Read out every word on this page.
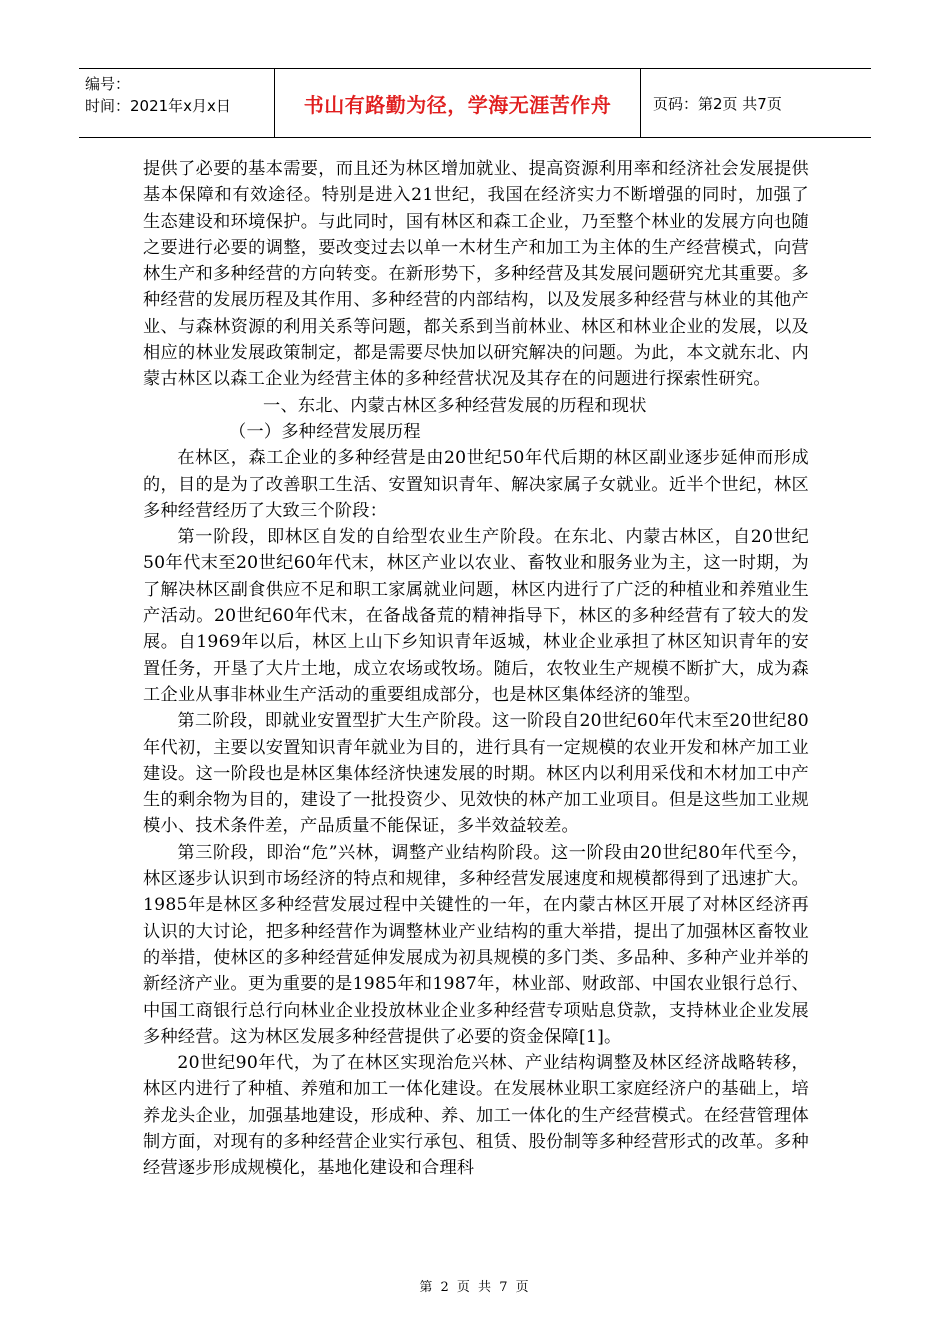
编号：
时间：2021年x月x日	书山有路勤为径，学海无涯苦作舟	页码：第2页 共7页

提供了必要的基本需要，而且还为林区增加就业、提高资源利用率和经济社会发展提供基本保障和有效途径。特别是进入21世纪，我国在经济实力不断增强的同时，加强了生态建设和环境保护。与此同时，国有林区和森工企业，乃至整个林业的发展方向也随之要进行必要的调整，要改变过去以单一木材生产和加工为主体的生产经营模式，向营林生产和多种经营的方向转变。在新形势下，多种经营及其发展问题研究尤其重要。多种经营的发展历程及其作用、多种经营的内部结构，以及发展多种经营与林业的其他产业、与森林资源的利用关系等问题，都关系到当前林业、林区和林业企业的发展，以及相应的林业发展政策制定，都是需要尽快加以研究解决的问题。为此，本文就东北、内蒙古林区以森工企业为经营主体的多种经营状况及其存在的问题进行探索性研究。

一、东北、内蒙古林区多种经营发展的历程和现状
（一）多种经营发展历程

在林区，森工企业的多种经营是由20世纪50年代后期的林区副业逐步延伸而形成的，目的是为了改善职工生活、安置知识青年、解决家属子女就业。近半个世纪，林区多种经营经历了大致三个阶段：

第一阶段，即林区自发的自给型农业生产阶段。在东北、内蒙古林区，自20世纪50年代末至20世纪60年代末，林区产业以农业、畜牧业和服务业为主，这一时期，为了解决林区副食供应不足和职工家属就业问题，林区内进行了广泛的种植业和养殖业生产活动。20世纪60年代末，在备战备荒的精神指导下，林区的多种经营有了较大的发展。自1969年以后，林区上山下乡知识青年返城，林业企业承担了林区知识青年的安置任务，开垦了大片土地，成立农场或牧场。随后，农牧业生产规模不断扩大，成为森工企业从事非林业生产活动的重要组成部分，也是林区集体经济的雏型。

第二阶段，即就业安置型扩大生产阶段。这一阶段自20世纪60年代末至20世纪80年代初，主要以安置知识青年就业为目的，进行具有一定规模的农业开发和林产加工业建设。这一阶段也是林区集体经济快速发展的时期。林区内以利用采伐和木材加工中产生的剩余物为目的，建设了一批投资少、见效快的林产加工业项目。但是这些加工业规模小、技术条件差，产品质量不能保证，多半效益较差。

第三阶段，即治“危”兴林，调整产业结构阶段。这一阶段由20世纪80年代至今，林区逐步认识到市场经济的特点和规律，多种经营发展速度和规模都得到了迅速扩大。1985年是林区多种经营发展过程中关键性的一年，在内蒙古林区开展了对林区经济再认识的大讨论，把多种经营作为调整林业产业结构的重大举措，提出了加强林区畜牧业的举措，使林区的多种经营延伸发展成为初具规模的多门类、多品种、多种产业并举的新经济产业。更为重要的是1985年和1987年，林业部、财政部、中国农业银行总行、中国工商银行总行向林业企业投放林业企业多种经营专项贴息贷款，支持林业企业发展多种经营。这为林区发展多种经营提供了必要的资金保障[1]。

20世纪90年代，为了在林区实现治危兴林、产业结构调整及林区经济战略转移，林区内进行了种植、养殖和加工一体化建设。在发展林业职工家庭经济户的基础上，培养龙头企业，加强基地建设，形成种、养、加工一体化的生产经营模式。在经营管理体制方面，对现有的多种经营企业实行承包、租赁、股份制等多种经营形式的改革。多种经营逐步形成规模化，基地化建设和合理科

第 2 页 共 7 页
